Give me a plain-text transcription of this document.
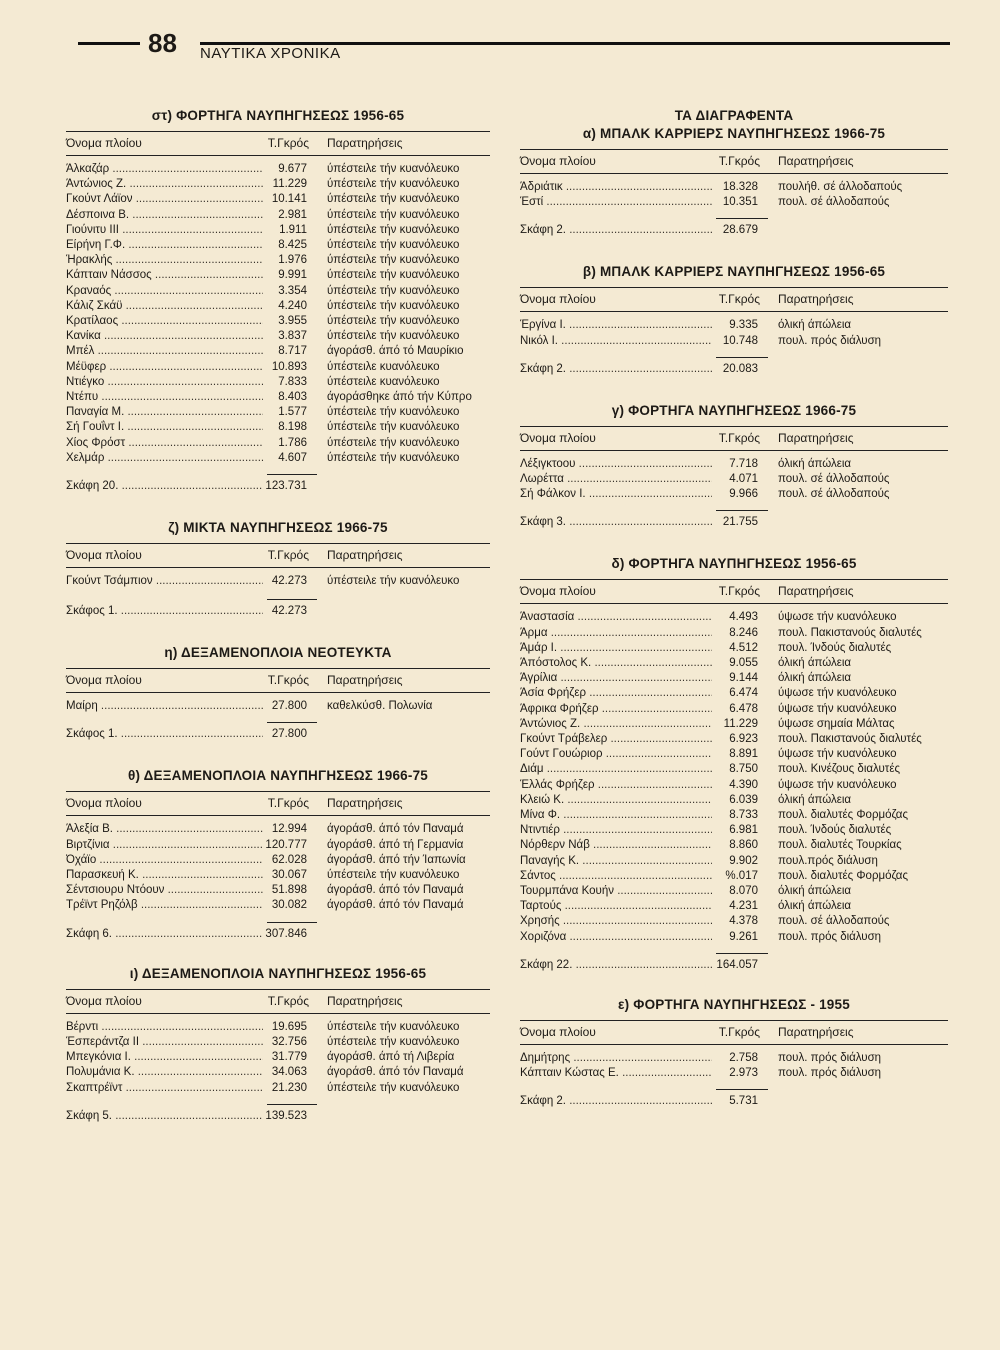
88 ΝΑΥΤΙΚΑ ΧΡΟΝΙΚΑ
στ) ΦΟΡΤΗΓΑ ΝΑΥΠΗΓΗΣΕΩΣ 1956-65
Όνομα πλοίου	Τ.Γκρός	Παρατηρήσεις
Άλκαζάρ .....	9.677	ύπέστειλε τήν κυανόλευκο
Άντώνιος Ζ. .....	11.229	ύπέστειλε τήν κυανόλευκο
Γκούντ Λάϊον .....	10.141	ύπέστειλε τήν κυανόλευκο
Δέσποινα Β. .....	2.981	ύπέστειλε τήν κυανόλευκο
Γιούνιτυ ΙΙΙ .....	1.911	ύπέστειλε τήν κυανόλευκο
Είρήνη Γ.Φ. .....	8.425	ύπέστειλε τήν κυανόλευκο
Ήρακλής .....	1.976	ύπέστειλε τήν κυανόλευκο
Κάπταιν Νάσσος .....	9.991	ύπέστειλε τήν κυανόλευκο
Κραναός .....	3.354	ύπέστειλε τήν κυανόλευκο
Κάλιζ Σκάϋ .....	4.240	ύπέστειλε τήν κυανόλευκο
Κρατίλαος .....	3.955	ύπέστειλε τήν κυανόλευκο
Κανίκα .....	3.837	ύπέστειλε τήν κυανόλευκο
Μπέλ .....	8.717	άγοράσθ. άπό τό Μαυρίκιο
Μέϋφερ .....	10.893	ύπέστειλε κυανόλευκο
Ντιέγκο .....	7.833	ύπέστειλε κυανόλευκο
Ντέπυ .....	8.403	άγοράσθηκε άπό τήν Κύπρο
Παναγία Μ. .....	1.577	ύπέστειλε τήν κυανόλευκο
Σή Γουΐντ Ι. .....	8.198	ύπέστειλε τήν κυανόλευκο
Χίος Φρόστ .....	1.786	ύπέστειλε τήν κυανόλευκο
Χελμάρ .....	4.607	ύπέστειλε τήν κυανόλευκο
Σκάφη 20. .....	123.731
ζ) ΜΙΚΤΑ ΝΑΥΠΗΓΗΣΕΩΣ 1966-75
Όνομα πλοίου	Τ.Γκρός	Παρατηρήσεις
Γκούντ Τσάμπιον .....	42.273	ύπέστειλε τήν κυανόλευκο
Σκάφος 1. .....	42.273
η) ΔΕΞΑΜΕΝΟΠΛΟΙΑ ΝΕΟΤΕΥΚΤΑ
Όνομα πλοίου	Τ.Γκρός	Παρατηρήσεις
Μαίρη .....	27.800	καθελκύσθ. Πολωνία
Σκάφος 1. .....	27.800
θ) ΔΕΞΑΜΕΝΟΠΛΟΙΑ ΝΑΥΠΗΓΗΣΕΩΣ 1966-75
Όνομα πλοίου	Τ.Γκρός	Παρατηρήσεις
Άλεξία Β. .....	12.994	άγοράσθ. άπό τόν Παναμά
Βιρτζίνια .....	120.777	άγοράσθ. άπό τή Γερμανία
Όχάϊο .....	62.028	άγοράσθ. άπό τήν Ίαπωνία
Παρασκευή Κ. .....	30.067	ύπέστειλε τήν κυανόλευκο
Σέντσιουρυ Ντόουν .....	51.898	άγοράσθ. άπό τόν Παναμά
Τρέϊντ Ρηζόλβ .....	30.082	άγοράσθ. άπό τόν Παναμά
Σκάφη 6. .....	307.846
ι) ΔΕΞΑΜΕΝΟΠΛΟΙΑ ΝΑΥΠΗΓΗΣΕΩΣ 1956-65
Όνομα πλοίου	Τ.Γκρός	Παρατηρήσεις
Βέρντι .....	19.695	ύπέστειλε τήν κυανόλευκο
Έσπεράντζα ΙΙ .....	32.756	ύπέστειλε τήν κυανόλευκο
Μπεγκόνια Ι. .....	31.779	άγοράσθ. άπό τή Λιβερία
Πολυμάνια Κ. .....	34.063	άγοράσθ. άπό τόν Παναμά
Σκαπτρέϊντ .....	21.230	ύπέστειλε τήν κυανόλευκο
Σκάφη 5. .....	139.523
ΤΑ ΔΙΑΓΡΑΦΕΝΤΑ
α) ΜΠΑΛΚ ΚΑΡΡΙΕΡΣ ΝΑΥΠΗΓΗΣΕΩΣ 1966-75
Όνομα πλοίου	Τ.Γκρός	Παρατηρήσεις
Άδριάτικ .....	18.328	πουλήθ. σέ άλλοδαπούς
Έστί .....	10.351	πουλ. σέ άλλοδαπούς
Σκάφη 2. .....	28.679
β) ΜΠΑΛΚ ΚΑΡΡΙΕΡΣ ΝΑΥΠΗΓΗΣΕΩΣ 1956-65
Όνομα πλοίου	Τ.Γκρός	Παρατηρήσεις
Έργίνα Ι. .....	9.335	όλική άπώλεια
Νικόλ Ι. .....	10.748	πουλ. πρός διάλυση
Σκάφη 2. .....	20.083
γ) ΦΟΡΤΗΓΑ ΝΑΥΠΗΓΗΣΕΩΣ 1966-75
Όνομα πλοίου	Τ.Γκρός	Παρατηρήσεις
Λέξιγκτοου .....	7.718	όλική άπώλεια
Λωρέττα .....	4.071	πουλ. σέ άλλοδαπούς
Σή Φάλκον Ι. .....	9.966	πουλ. σέ άλλοδαπούς
Σκάφη 3. .....	21.755
δ) ΦΟΡΤΗΓΑ ΝΑΥΠΗΓΗΣΕΩΣ 1956-65
Όνομα πλοίου	Τ.Γκρός	Παρατηρήσεις
Άναστασία .....	4.493	ύψωσε τήν κυανόλευκο
Άρμα .....	8.246	πουλ. Πακιστανούς διαλυτές
Άμάρ Ι. .....	4.512	πουλ. Ίνδούς διαλυτές
Άπόστολος Κ. .....	9.055	όλική άπώλεια
Άγρίλια .....	9.144	όλική άπώλεια
Άσία Φρήζερ .....	6.474	ύψωσε τήν κυανόλευκο
Άφρικα Φρήζερ .....	6.478	ύψωσε τήν κυανόλευκο
Άντώνιος Ζ. .....	11.229	ύψωσε σημαία Μάλτας
Γκούντ Τράβελερ .....	6.923	πουλ. Πακιστανούς διαλυτές
Γούντ Γουώριορ .....	8.891	ύψωσε τήν κυανόλευκο
Διάμ .....	8.750	πουλ. Κινέζους διαλυτές
Έλλάς Φρήζερ .....	4.390	ύψωσε τήν κυανόλευκο
Κλειώ Κ. .....	6.039	όλική άπώλεια
Μίνα Φ. .....	8.733	πουλ. διαλυτές Φορμόζας
Ντιντιέρ .....	6.981	πουλ. Ίνδούς διαλυτές
Νόρθερν Νάβ .....	8.860	πουλ. διαλυτές Τουρκίας
Παναγής Κ. .....	9.902	πουλ.πρός διάλυση
Σάντος .....	%.017	πουλ. διαλυτές Φορμόζας
Τουρμπάνα Κουήν .....	8.070	όλική άπώλεια
Ταρτούς .....	4.231	όλική άπώλεια
Χρησής .....	4.378	πουλ. σέ άλλοδαπούς
Χοριζόνα .....	9.261	πουλ. πρός διάλυση
Σκάφη 22. .....	164.057
ε) ΦΟΡΤΗΓΑ ΝΑΥΠΗΓΗΣΕΩΣ - 1955
Όνομα πλοίου	Τ.Γκρός	Παρατηρήσεις
Δημήτρης .....	2.758	πουλ. πρός διάλυση
Κάπταιν Κώστας Ε. .....	2.973	πουλ. πρός διάλυση
Σκάφη 2. .....	5.731
